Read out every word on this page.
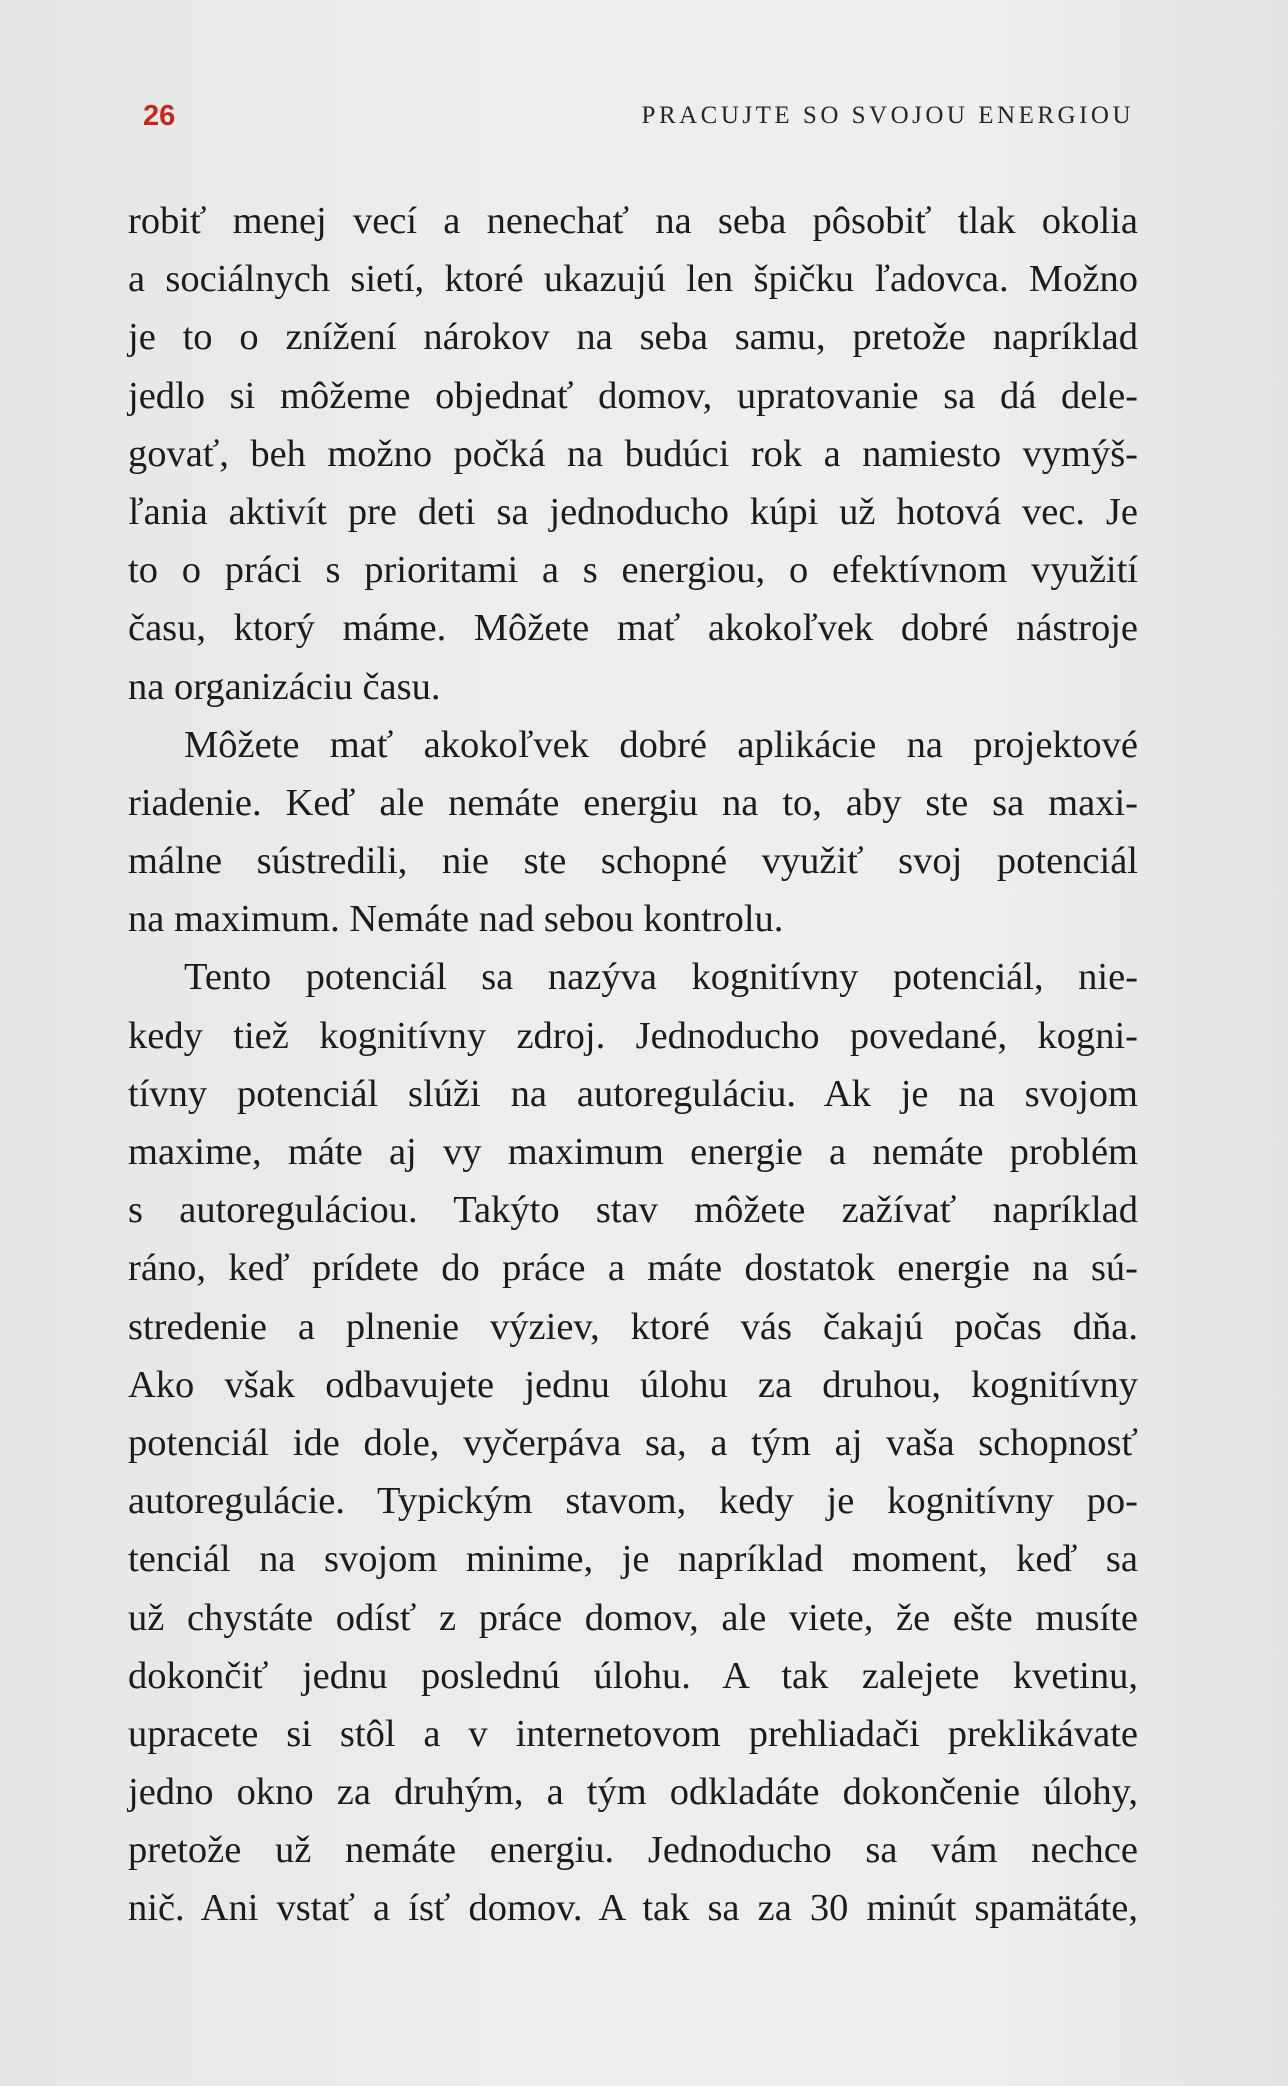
26	PRACUJTE SO SVOJOU ENERGIOU
robiť menej vecí a nenechať na seba pôsobiť tlak okolia
a sociálnych sietí, ktoré ukazujú len špičku ľadovca. Možno
je to o znížení nárokov na seba samu, pretože napríklad
jedlo si môžeme objednať domov, upratovanie sa dá dele-
govať, beh možno počká na budúci rok a namiesto vymýš-
ľania aktivít pre deti sa jednoducho kúpi už hotová vec. Je
to o práci s prioritami a s energiou, o efektívnom využití
času, ktorý máme. Môžete mať akokoľvek dobré nástroje
na organizáciu času.
Môžete mať akokoľvek dobré aplikácie na projektové
riadenie. Keď ale nemáte energiu na to, aby ste sa maxi-
málne sústredili, nie ste schopné využiť svoj potenciál
na maximum. Nemáte nad sebou kontrolu.
Tento potenciál sa nazýva kognitívny potenciál, nie-
kedy tiež kognitívny zdroj. Jednoducho povedané, kogni-
tívny potenciál slúži na autoreguláciu. Ak je na svojom
maxime, máte aj vy maximum energie a nemáte problém
s autoreguláciou. Takýto stav môžete zažívať napríklad
ráno, keď prídete do práce a máte dostatok energie na sú-
stredenie a plnenie výziev, ktoré vás čakajú počas dňa.
Ako však odbavujete jednu úlohu za druhou, kognitívny
potenciál ide dole, vyčerpáva sa, a tým aj vaša schopnosť
autoregulácie. Typickým stavom, kedy je kognitívny po-
tenciál na svojom minime, je napríklad moment, keď sa
už chystáte odísť z práce domov, ale viete, že ešte musíte
dokončiť jednu poslednú úlohu. A tak zalejete kvetinu,
upracete si stôl a v internetovom prehliadači preklikávate
jedno okno za druhým, a tým odkladáte dokončenie úlohy,
pretože už nemáte energiu. Jednoducho sa vám nechce
nič. Ani vstať a ísť domov. A tak sa za 30 minút spamätáte,
